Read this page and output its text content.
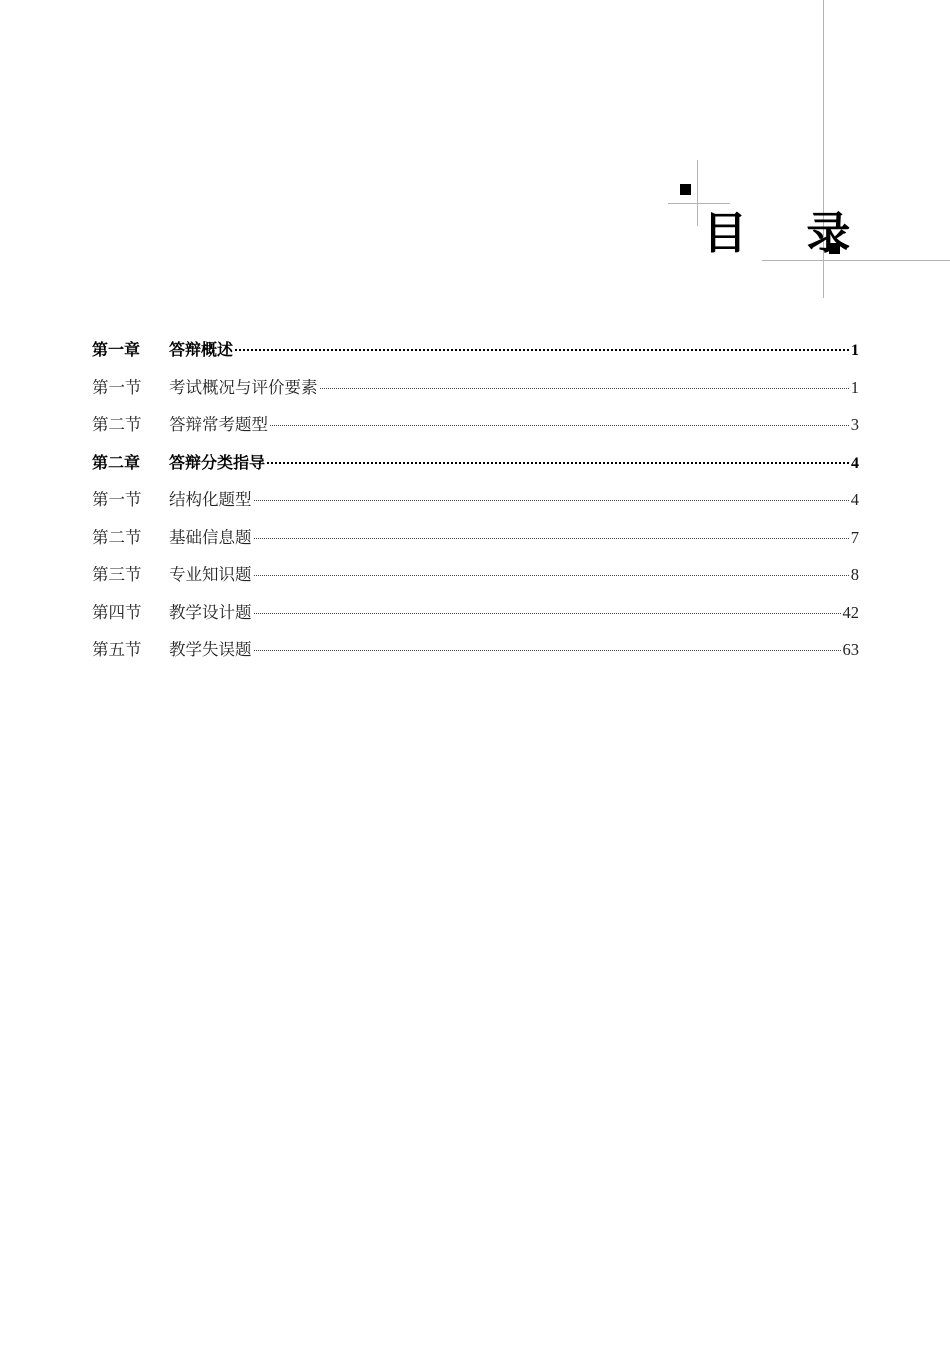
目 录
第一章	答辩概述	1
第一节	考试概况与评价要素	1
第二节	答辩常考题型	3
第二章	答辩分类指导	4
第一节	结构化题型	4
第二节	基础信息题	7
第三节	专业知识题	8
第四节	教学设计题	42
第五节	教学失误题	63
